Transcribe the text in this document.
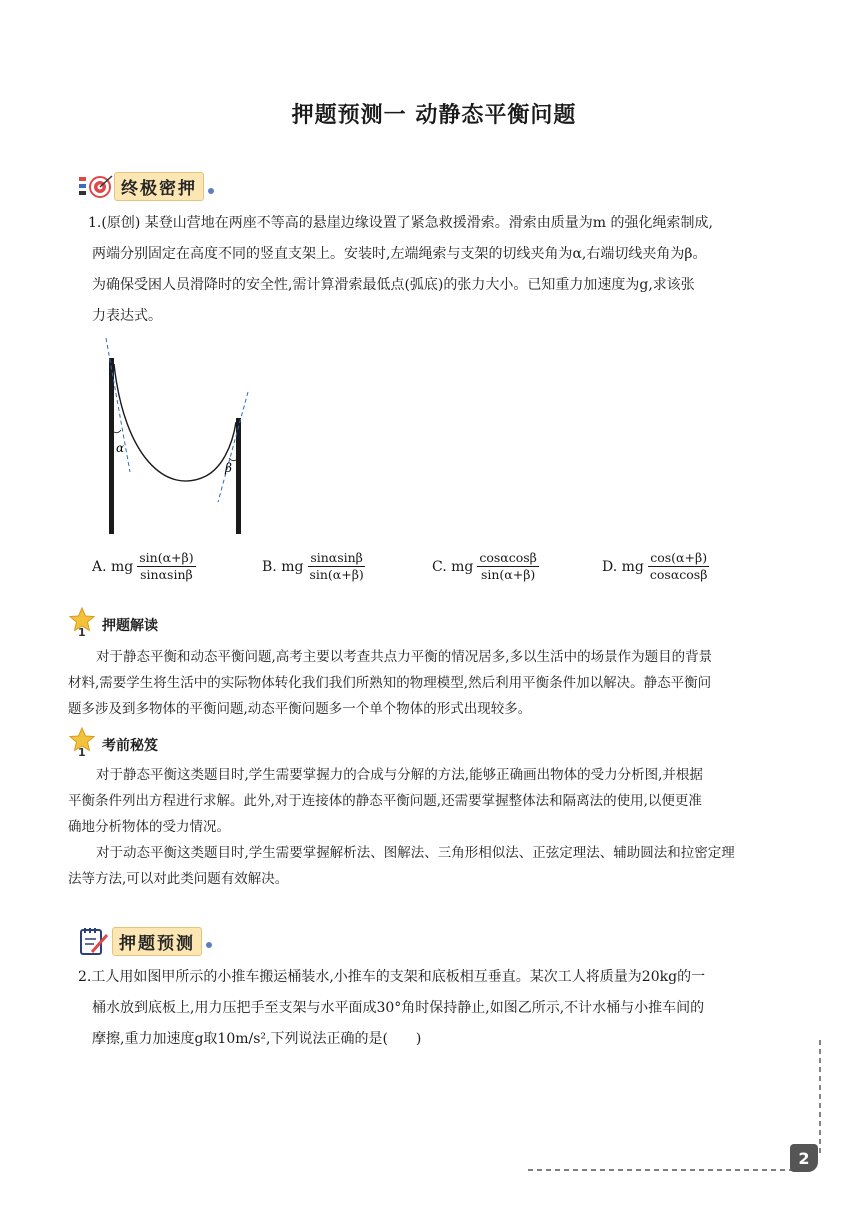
押题预测一 动静态平衡问题
终极密押
1.(原创) 某登山营地在两座不等高的悬崖边缘设置了紧急救援滑索。滑索由质量为m 的强化绳索制成,
两端分别固定在高度不同的竖直支架上。安装时,左端绳索与支架的切线夹角为α,右端切线夹角为β。
为确保受困人员滑降时的安全性,需计算滑索最低点(弧底)的张力大小。已知重力加速度为g,求该张
力表达式。
α
β
A. mg $\frac{\sin(\alpha+\beta)}{\sin\alpha\sin\beta}$	B. mg $\frac{\sin\alpha\sin\beta}{\sin(\alpha+\beta)}$	C. mg $\frac{\cos\alpha\cos\beta}{\sin(\alpha+\beta)}$	D. mg $\frac{\cos(\alpha+\beta)}{\cos\alpha\cos\beta}$
1 押题解读
对于静态平衡和动态平衡问题,高考主要以考查共点力平衡的情况居多,多以生活中的场景作为题目的背景
材料,需要学生将生活中的实际物体转化我们我们所熟知的物理模型,然后利用平衡条件加以解决。静态平衡问
题多涉及到多物体的平衡问题,动态平衡问题多一个单个物体的形式出现较多。
1 考前秘笈
对于静态平衡这类题目时,学生需要掌握力的合成与分解的方法,能够正确画出物体的受力分析图,并根据
平衡条件列出方程进行求解。此外,对于连接体的静态平衡问题,还需要掌握整体法和隔离法的使用,以便更准
确地分析物体的受力情况。
对于动态平衡这类题目时,学生需要掌握解析法、图解法、三角形相似法、正弦定理法、辅助圆法和拉密定理
法等方法,可以对此类问题有效解决。
押题预测
2.工人用如图甲所示的小推车搬运桶装水,小推车的支架和底板相互垂直。某次工人将质量为20kg的一
桶水放到底板上,用力压把手至支架与水平面成30°角时保持静止,如图乙所示,不计水桶与小推车间的
摩擦,重力加速度g取10m/s²,下列说法正确的是(　　)
2
